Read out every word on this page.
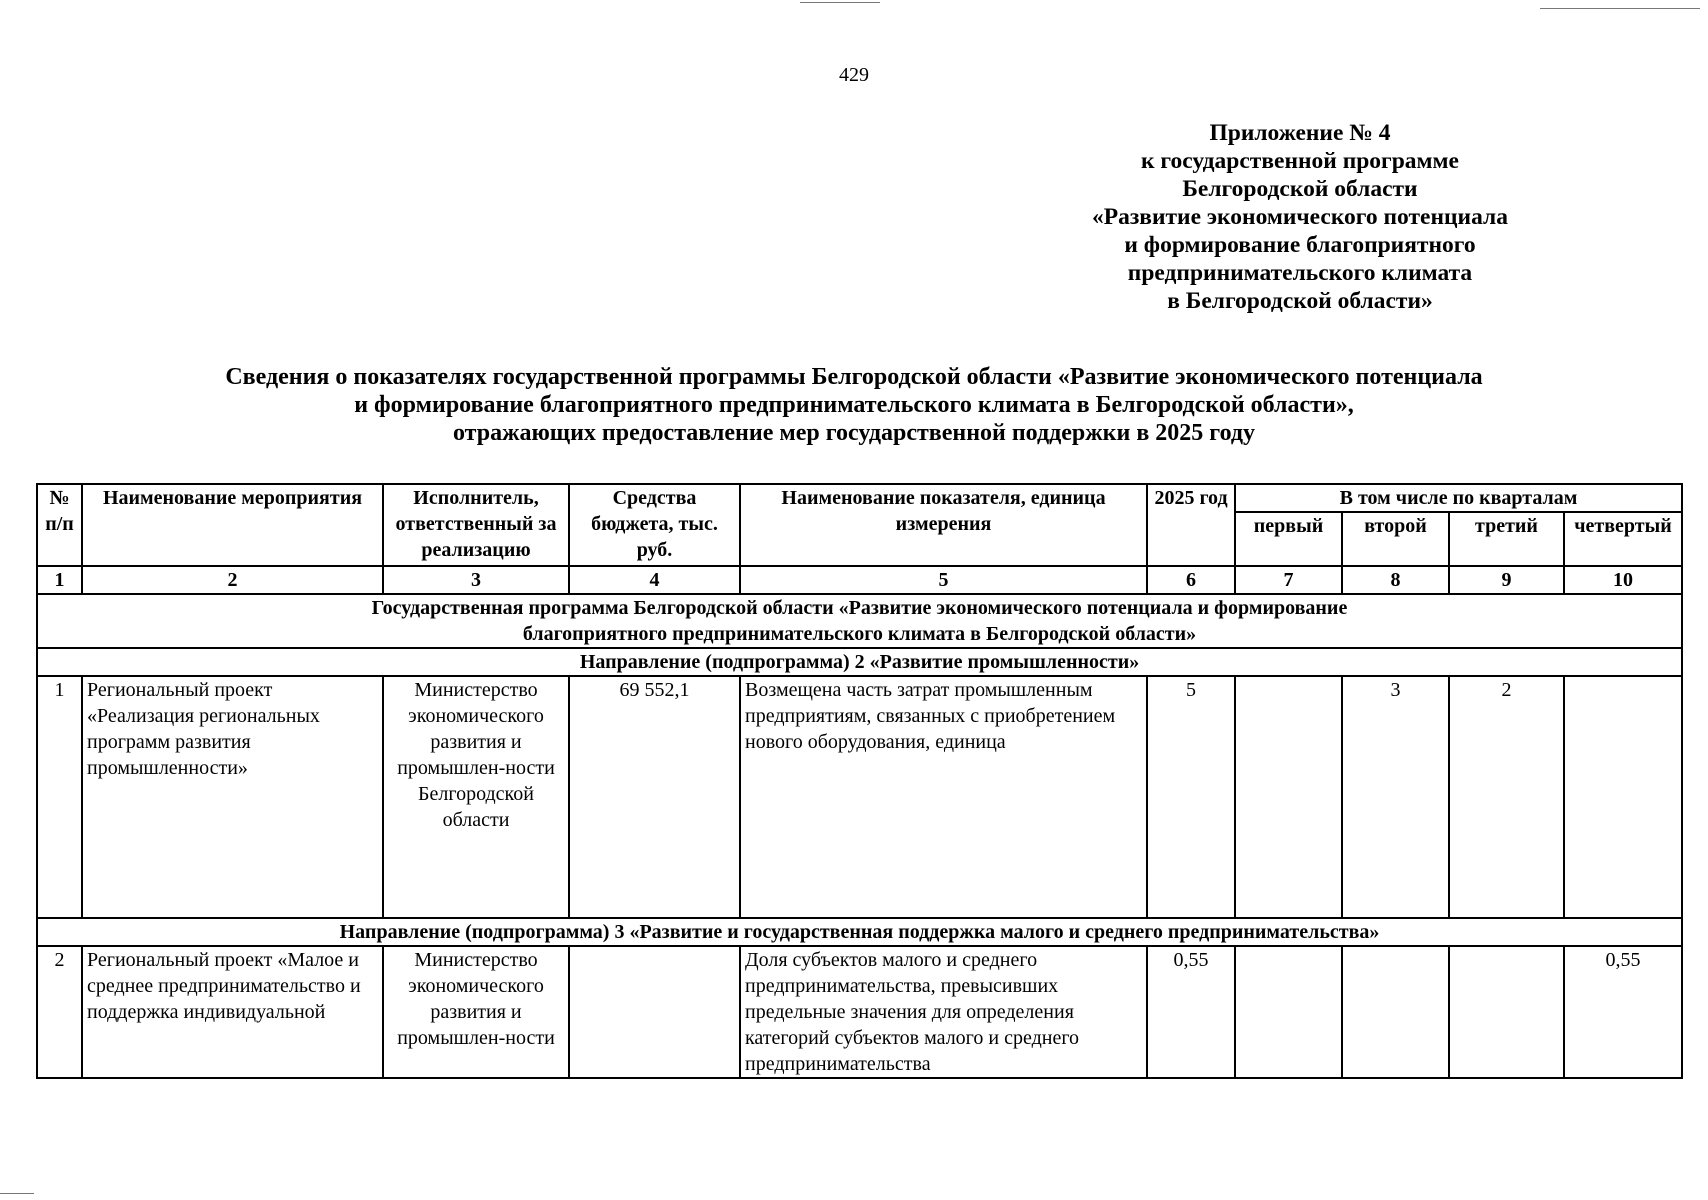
429
Приложение № 4
к государственной программе
Белгородской области
«Развитие экономического потенциала
и формирование благоприятного
предпринимательского климата
в Белгородской области»
Сведения о показателях государственной программы Белгородской области «Развитие экономического потенциала
и формирование благоприятного предпринимательского климата в Белгородской области»,
отражающих предоставление мер государственной поддержки в 2025 году
№ п/п	Наименование мероприятия	Исполнитель, ответственный за реализацию	Средства бюджета, тыс. руб.	Наименование показателя, единица измерения	2025 год	В том числе по кварталам			
						первый	второй	третий	четвертый
1	2	3	4	5	6	7	8	9	10
Государственная программа Белгородской области «Развитие экономического потенциала и формирование благоприятного предпринимательского климата в Белгородской области»									
Направление (подпрограмма) 2 «Развитие промышленности»									
1	Региональный проект «Реализация региональных программ развития промышленности»	Министерство экономического развития и промышлен-ности Белгородской области	69 552,1	Возмещена часть затрат промышленным предприятиям, связанных с приобретением нового оборудования, единица	5		3	2	
Направление (подпрограмма) 3 «Развитие и государственная поддержка малого и среднего предпринимательства»									
2	Региональный проект «Малое и среднее предпринимательство и поддержка индивидуальной	Министерство экономического развития и промышлен-ности		Доля субъектов малого и среднего предпринимательства, превысивших предельные значения для определения категорий субъектов малого и среднего предпринимательства	0,55				0,55
